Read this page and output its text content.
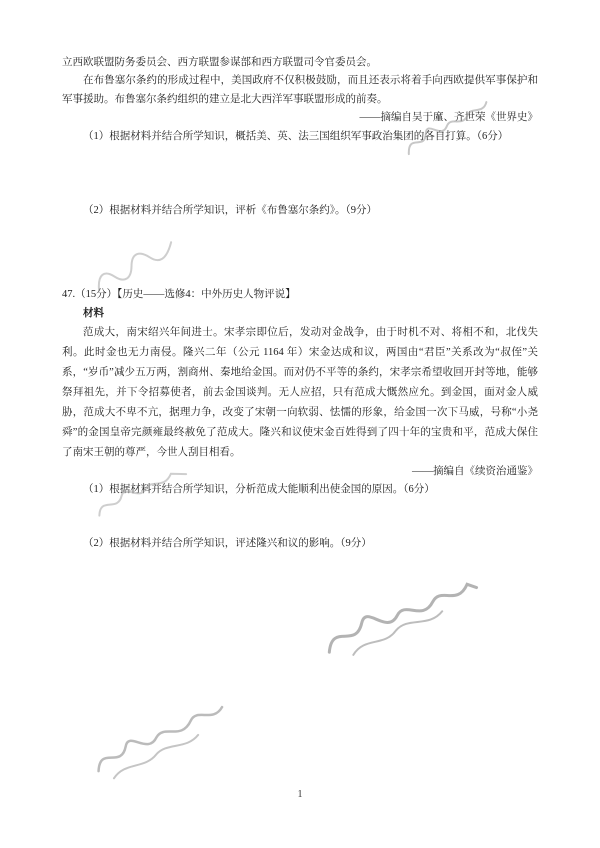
立西欧联盟防务委员会、西方联盟参谋部和西方联盟司令官委员会。

在布鲁塞尔条约的形成过程中，美国政府不仅积极鼓励，而且还表示将着手向西欧提供军事保护和军事援助。布鲁塞尔条约组织的建立是北大西洋军事联盟形成的前奏。

——摘编自吴于廑、齐世荣《世界史》

（1）根据材料并结合所学知识，概括美、英、法三国组织军事政治集团的各自打算。（6分）

（2）根据材料并结合所学知识，评析《布鲁塞尔条约》。（9分）

47.（15分）【历史——选修4：中外历史人物评说】

材料

范成大，南宋绍兴年间进士。宋孝宗即位后，发动对金战争，由于时机不对、将相不和，北伐失利。此时金也无力南侵。隆兴二年（公元 1164 年）宋金达成和议，两国由“君臣”关系改为“叔侄”关系，“岁币”减少五万两，割商州、秦地给金国。而对仍不平等的条约，宋孝宗希望收回开封等地，能够祭拜祖先，并下令招募使者，前去金国谈判。无人应招，只有范成大慨然应允。到金国，面对金人威胁，范成大不卑不亢，据理力争，改变了宋朝一向软弱、怯懦的形象，给金国一次下马威，号称“小尧舜”的金国皇帝完颜雍最终赦免了范成大。隆兴和议使宋金百姓得到了四十年的宝贵和平，范成大保住了南宋王朝的尊严，今世人刮目相看。

——摘编自《续资治通鉴》

（1）根据材料并结合所学知识，分析范成大能顺利出使金国的原因。（6分）

（2）根据材料并结合所学知识，评述隆兴和议的影响。（9分）

1
